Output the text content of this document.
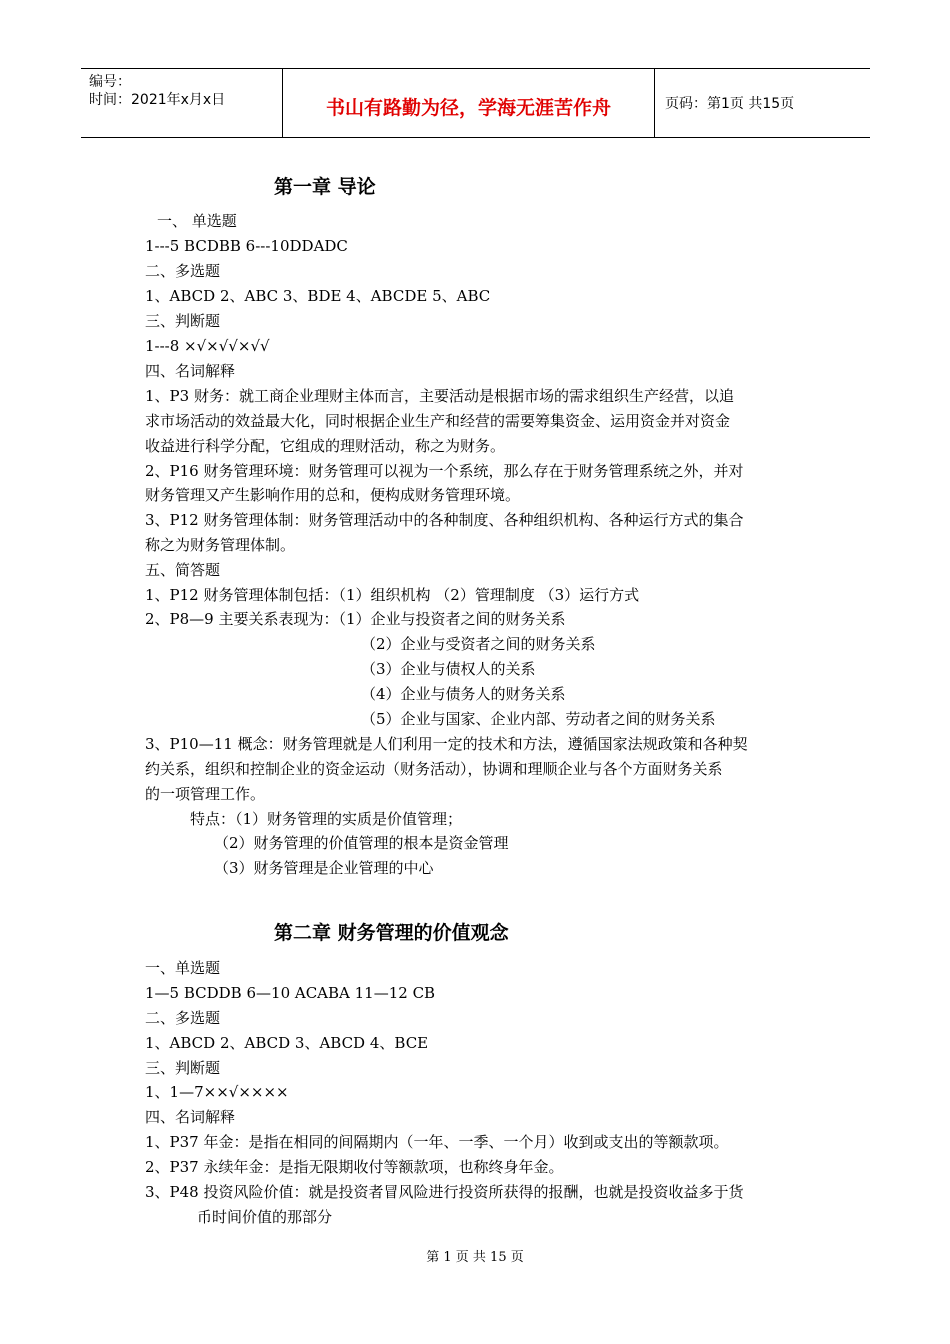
编号：
时间：2021年x月x日	书山有路勤为径，学海无涯苦作舟	页码：第1页 共15页
第一章 导论
一、 单选题
1---5 BCDBB 6---10DDADC
二、多选题
1、ABCD 2、ABC 3、BDE 4、ABCDE 5、ABC
三、判断题
1---8 ×√×√√×√√
四、名词解释
1、P3 财务：就工商企业理财主体而言，主要活动是根据市场的需求组织生产经营，以追
求市场活动的效益最大化，同时根据企业生产和经营的需要筹集资金、运用资金并对资金
收益进行科学分配，它组成的理财活动，称之为财务。
2、P16 财务管理环境：财务管理可以视为一个系统，那么存在于财务管理系统之外，并对
财务管理又产生影响作用的总和，便构成财务管理环境。
3、P12 财务管理体制：财务管理活动中的各种制度、各种组织机构、各种运行方式的集合
称之为财务管理体制。
五、简答题
1、P12 财务管理体制包括：（1）组织机构 （2）管理制度 （3）运行方式
2、P8—9 主要关系表现为：（1）企业与投资者之间的财务关系
（2）企业与受资者之间的财务关系
（3）企业与债权人的关系
（4）企业与债务人的财务关系
（5）企业与国家、企业内部、劳动者之间的财务关系
3、P10—11 概念：财务管理就是人们利用一定的技术和方法，遵循国家法规政策和各种契
约关系，组织和控制企业的资金运动（财务活动），协调和理顺企业与各个方面财务关系
的一项管理工作。
特点：（1）财务管理的实质是价值管理；
（2）财务管理的价值管理的根本是资金管理
（3）财务管理是企业管理的中心
第二章 财务管理的价值观念
一、单选题
1—5 BCDDB 6—10 ACABA 11—12 CB
二、多选题
1、ABCD 2、ABCD 3、ABCD 4、BCE
三、判断题
1、1—7××√××××
四、名词解释
1、P37 年金：是指在相同的间隔期内（一年、一季、一个月）收到或支出的等额款项。
2、P37 永续年金：是指无限期收付等额款项，也称终身年金。
3、P48 投资风险价值：就是投资者冒风险进行投资所获得的报酬，也就是投资收益多于货
币时间价值的那部分
第 1 页 共 15 页
